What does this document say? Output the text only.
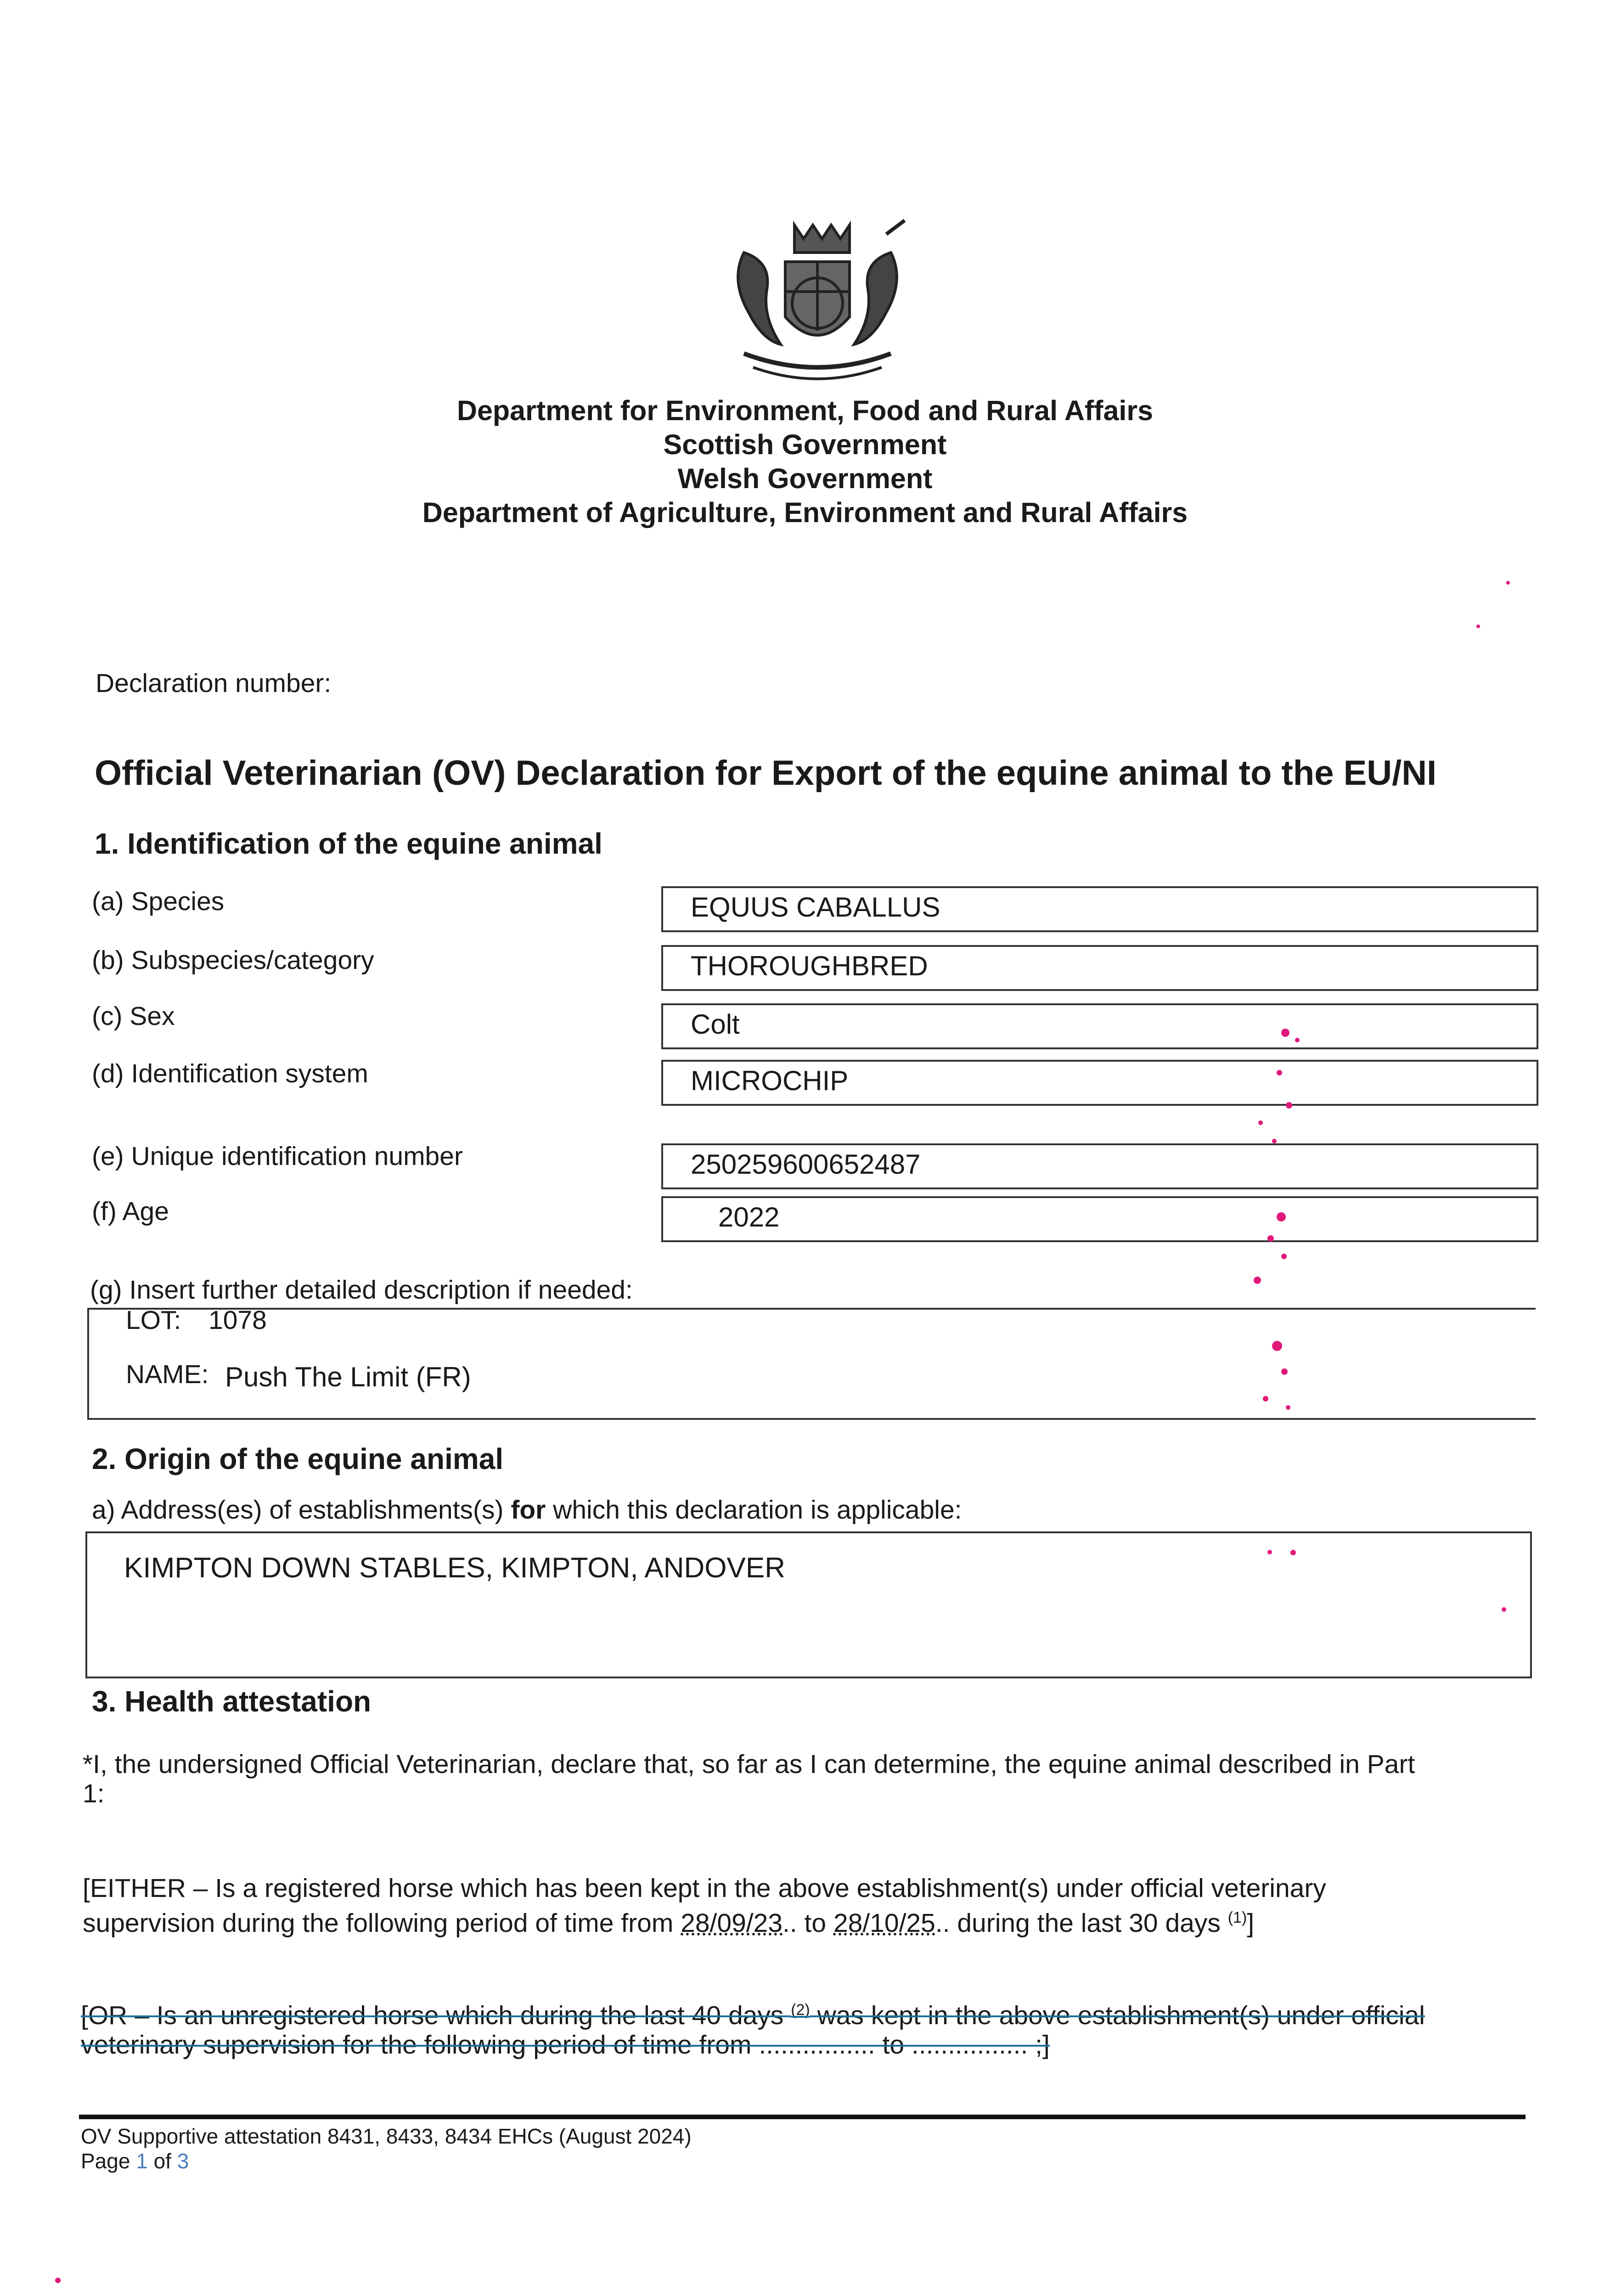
Department for Environment, Food and Rural Affairs
Scottish Government
Welsh Government
Department of Agriculture, Environment and Rural Affairs
Declaration number:
Official Veterinarian (OV) Declaration for Export of the equine animal to the EU/NI
1. Identification of the equine animal
(a) Species	EQUUS CABALLUS
(b) Subspecies/category	THOROUGHBRED
(c) Sex	Colt
(d) Identification system	MICROCHIP
(e) Unique identification number	250259600652487
(f) Age	2022
(g) Insert further detailed description if needed:
LOT: 1078
NAME: Push The Limit (FR)
2. Origin of the equine animal
a) Address(es) of establishments(s) for which this declaration is applicable:
KIMPTON DOWN STABLES, KIMPTON, ANDOVER
3. Health attestation
*I, the undersigned Official Veterinarian, declare that, so far as I can determine, the equine animal described in Part
1:
[EITHER – Is a registered horse which has been kept in the above establishment(s) under official veterinary
supervision during the following period of time from 28/09/23.. to 28/10/25.. during the last 30 days $^{(1)}$]
[OR – Is an unregistered horse which during the last 40 days $^{(2)}$ was kept in the above establishment(s) under official
veterinary supervision for the following period of time from ................ to ................ ;]
OV Supportive attestation 8431, 8433, 8434 EHCs (August 2024)
Page 1 of 3
